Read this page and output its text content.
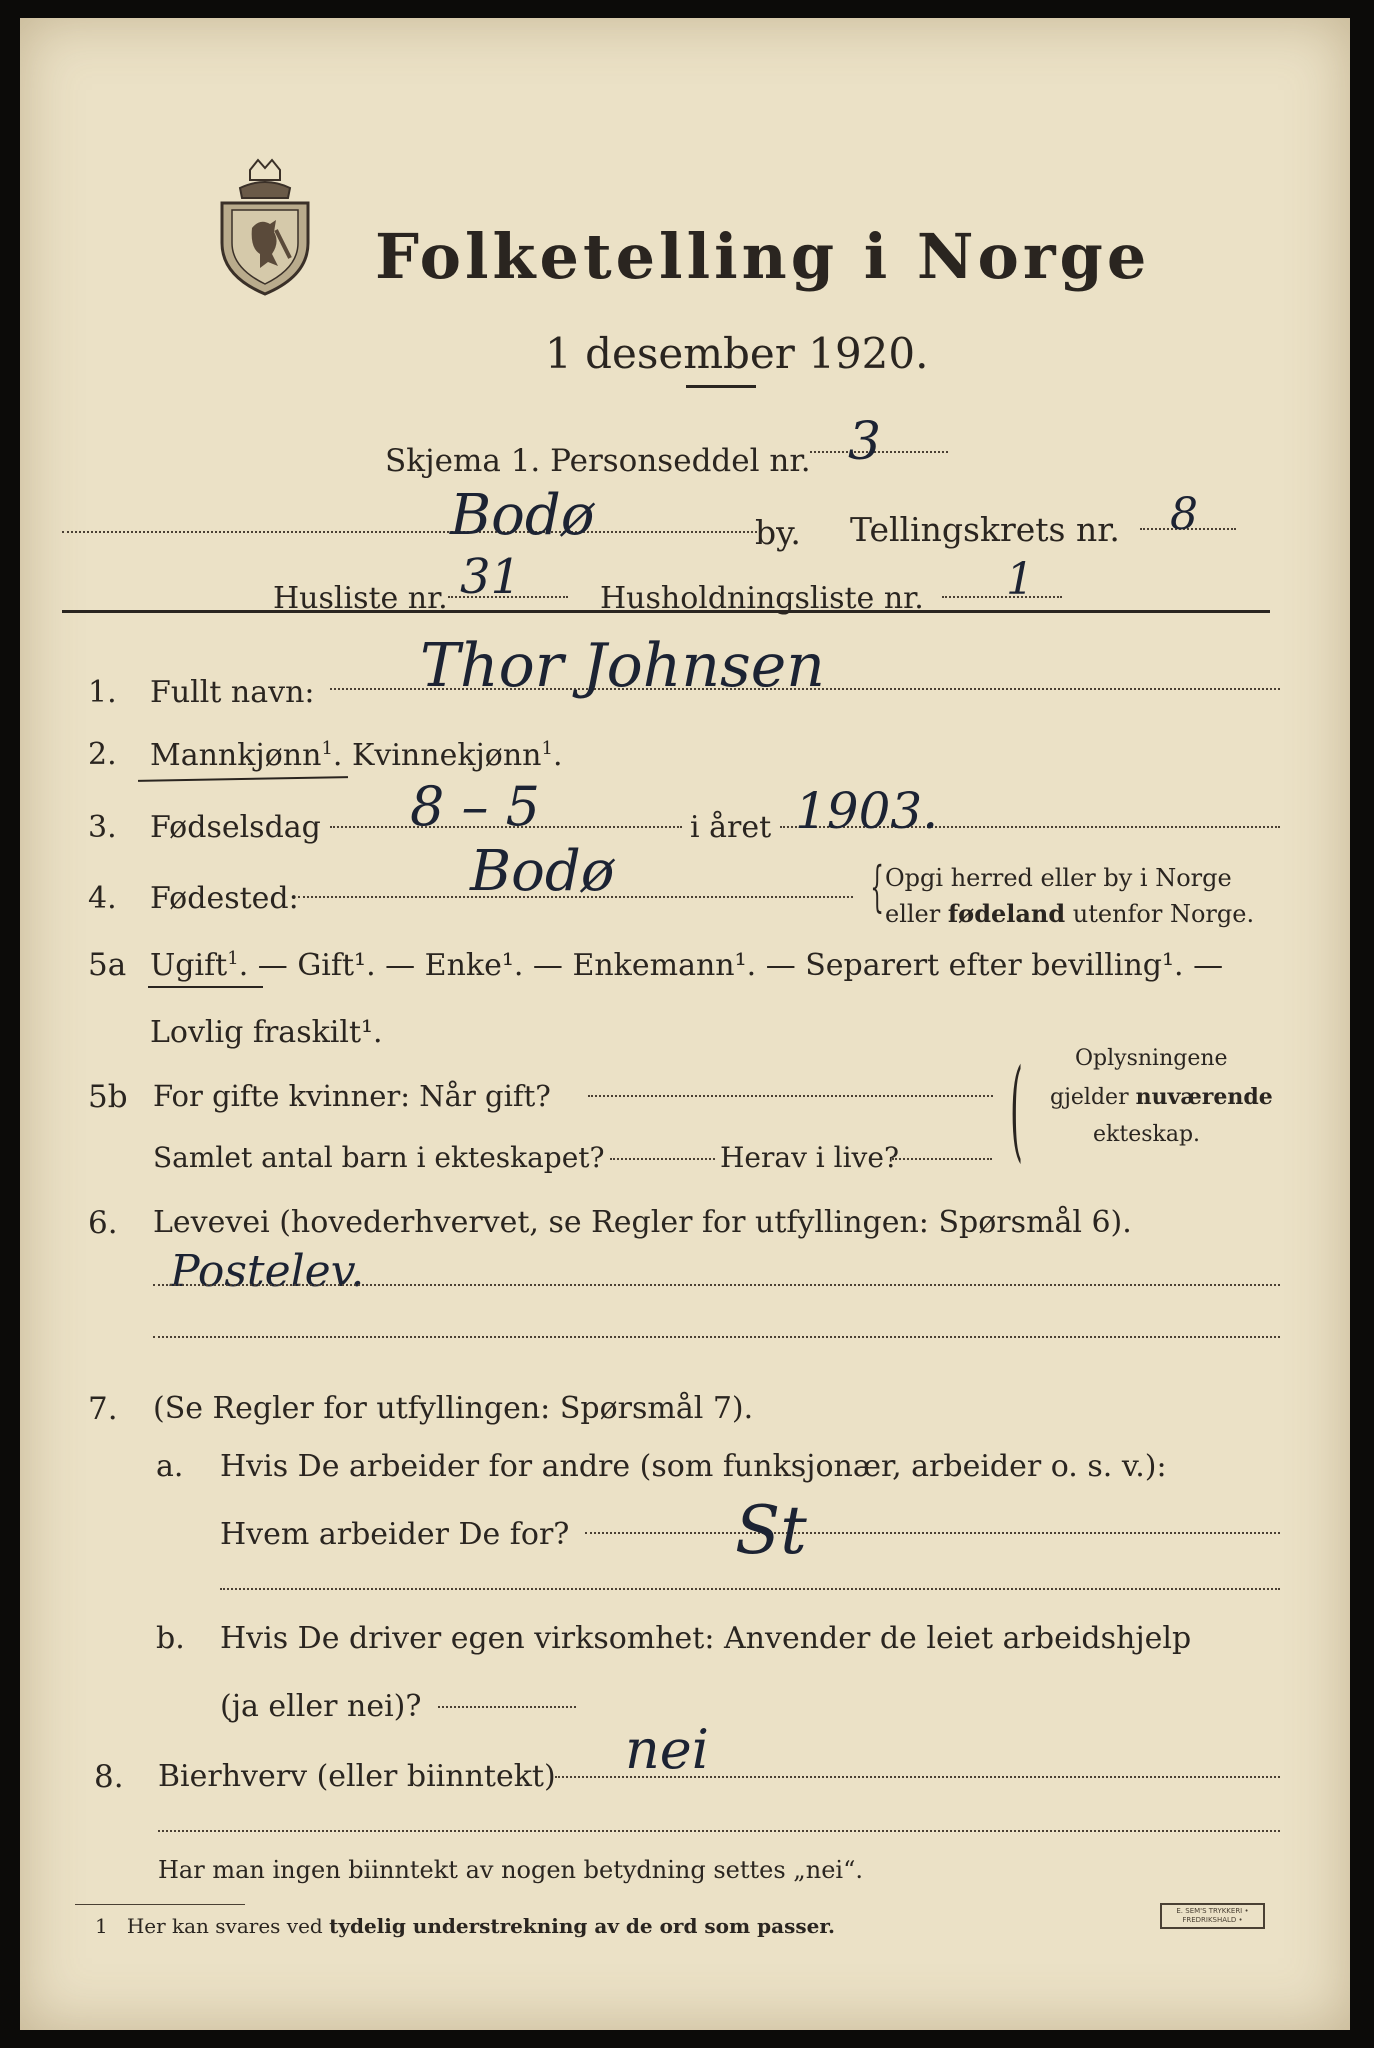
Folketelling i Norge
1 desember 1920.
Skjema 1. Personseddel nr. 3
Bodø	by. Tellingskrets nr. 8
Husliste nr. 31	Husholdningsliste nr. 1
1. Fullt navn: Thor Johnsen
2. Mannkjønn$^1$. Kvinnekjønn$^1$.
3. Fødselsdag 8 – 5	i året 1903.
4. Fødested:	Bodø	{ Opgi herred eller by i Norge
eller fødeland utenfor Norge.
5a Ugift$^1$. — Gift¹. — Enke¹. — Enkemann¹. — Separert efter bevilling¹. —
Lovlig fraskilt¹.
5b For gifte kvinner: Når gift?
Samlet antal barn i ekteskapet?	Herav i live? ( Oplysningene
gjelder nuværende
ekteskap.
6. Levevei (hovederhvervet, se Regler for utfyllingen: Spørsmål 6).
Postelev.
7. (Se Regler for utfyllingen: Spørsmål 7).
a. Hvis De arbeider for andre (som funksjonær, arbeider o. s. v.):
Hvem arbeider De for?	St
b. Hvis De driver egen virksomhet: Anvender de leiet arbeidshjelp
(ja eller nei)?
8. Bierhverv (eller biinntekt) nei
Har man ingen biinntekt av nogen betydning settes „nei“.
1 Her kan svares ved tydelig understrekning av de ord som passer.
E. SEM'S TRYKKERI • FREDRIKSHALD •
